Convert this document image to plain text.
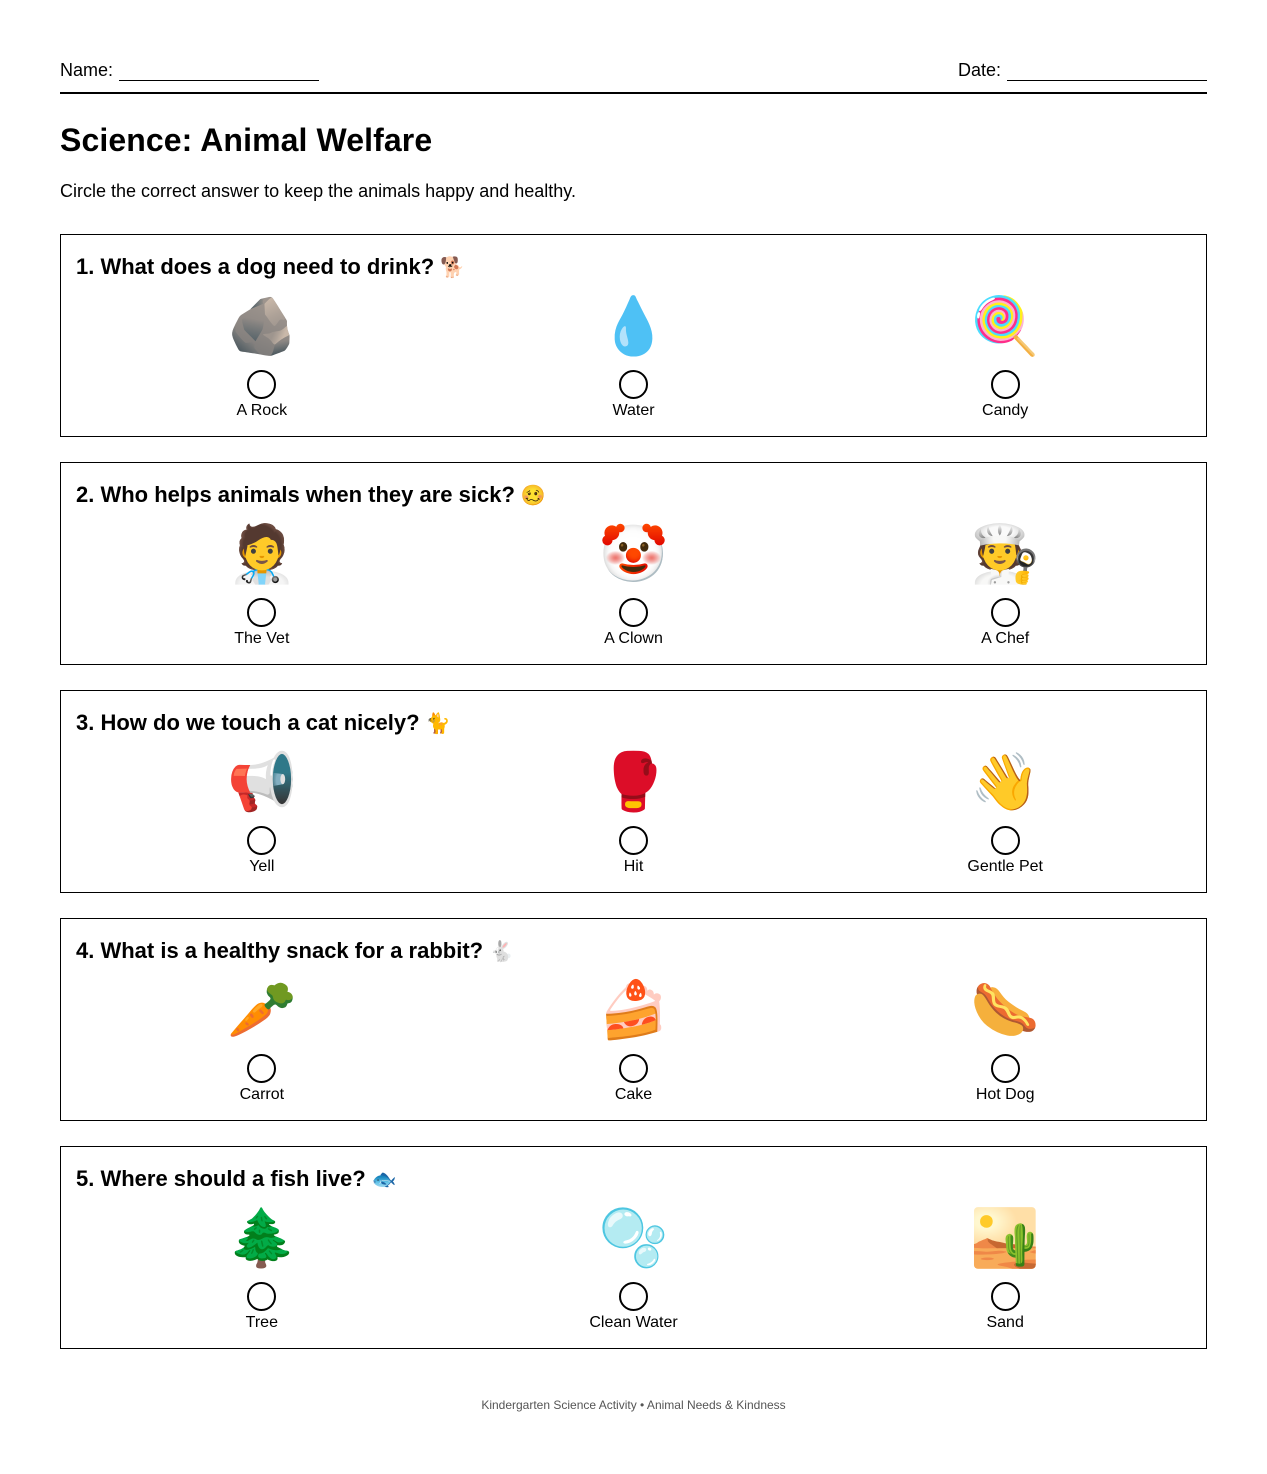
Name:	Date:
Science: Animal Welfare

Circle the correct answer to keep the animals happy and healthy.

1. What does a dog need to drink? 🐕
🪨
A Rock
💧
Water
🍭
Candy
2. Who helps animals when they are sick? 🥴
🧑‍⚕️
The Vet
🤡
A Clown
🧑‍🍳
A Chef
3. How do we touch a cat nicely? 🐈
📢
Yell
🥊
Hit
👋
Gentle Pet
4. What is a healthy snack for a rabbit? 🐇
🥕
Carrot
🍰
Cake
🌭
Hot Dog
5. Where should a fish live? 🐟
🌲
Tree
🫧
Clean Water
🏜️
Sand
Kindergarten Science Activity • Animal Needs & Kindness
